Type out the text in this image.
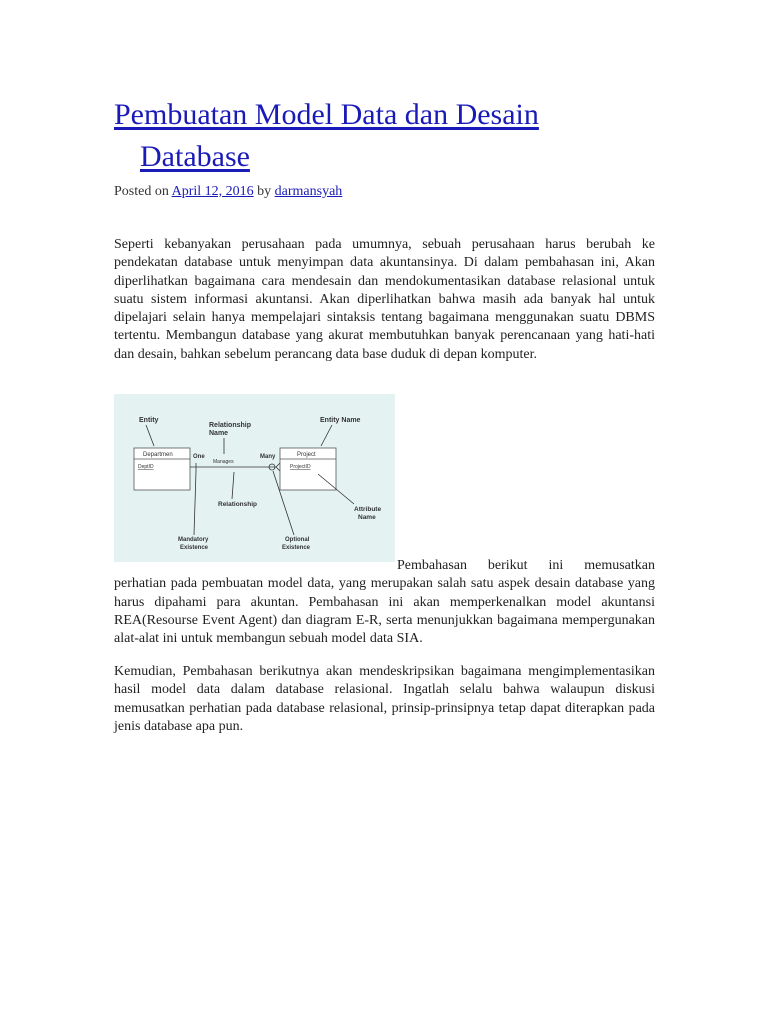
Pembuatan Model Data dan Desain
Database
Posted on April 12, 2016 by darmansyah

Seperti kebanyakan perusahaan pada umumnya, sebuah perusahaan harus berubah ke pendekatan database untuk menyimpan data akuntansinya. Di dalam pembahasan ini, Akan diperlihatkan bagaimana cara mendesain dan mendokumentasikan database relasional untuk suatu sistem informasi akuntansi. Akan diperlihatkan bahwa masih ada banyak hal untuk dipelajari selain hanya mempelajari sintaksis tentang bagaimana menggunakan suatu DBMS tertentu. Membangun database yang akurat membutuhkan banyak perencanaan yang hati-hati dan desain, bahkan sebelum perancang data base duduk di depan komputer.

Entity
Relationship
Name
Entity Name
Departmen
DeptID
One	Many
Manages
Project
ProjectID
Relationship
Attribute
Name
Mandatory
Existence
Optional
Existence
Pembahasan berikut ini memusatkan perhatian pada pembuatan model data, yang merupakan salah satu aspek desain database yang harus dipahami para akuntan. Pembahasan ini akan memperkenalkan model akuntansi REA(Resourse Event Agent) dan diagram E-R, serta menunjukkan bagaimana mempergunakan alat-alat ini untuk membangun sebuah model data SIA.

Kemudian, Pembahasan berikutnya akan mendeskripsikan bagaimana mengimplementasikan hasil model data dalam database relasional. Ingatlah selalu bahwa walaupun diskusi memusatkan perhatian pada database relasional, prinsip-prinsipnya tetap dapat diterapkan pada jenis database apa pun.
